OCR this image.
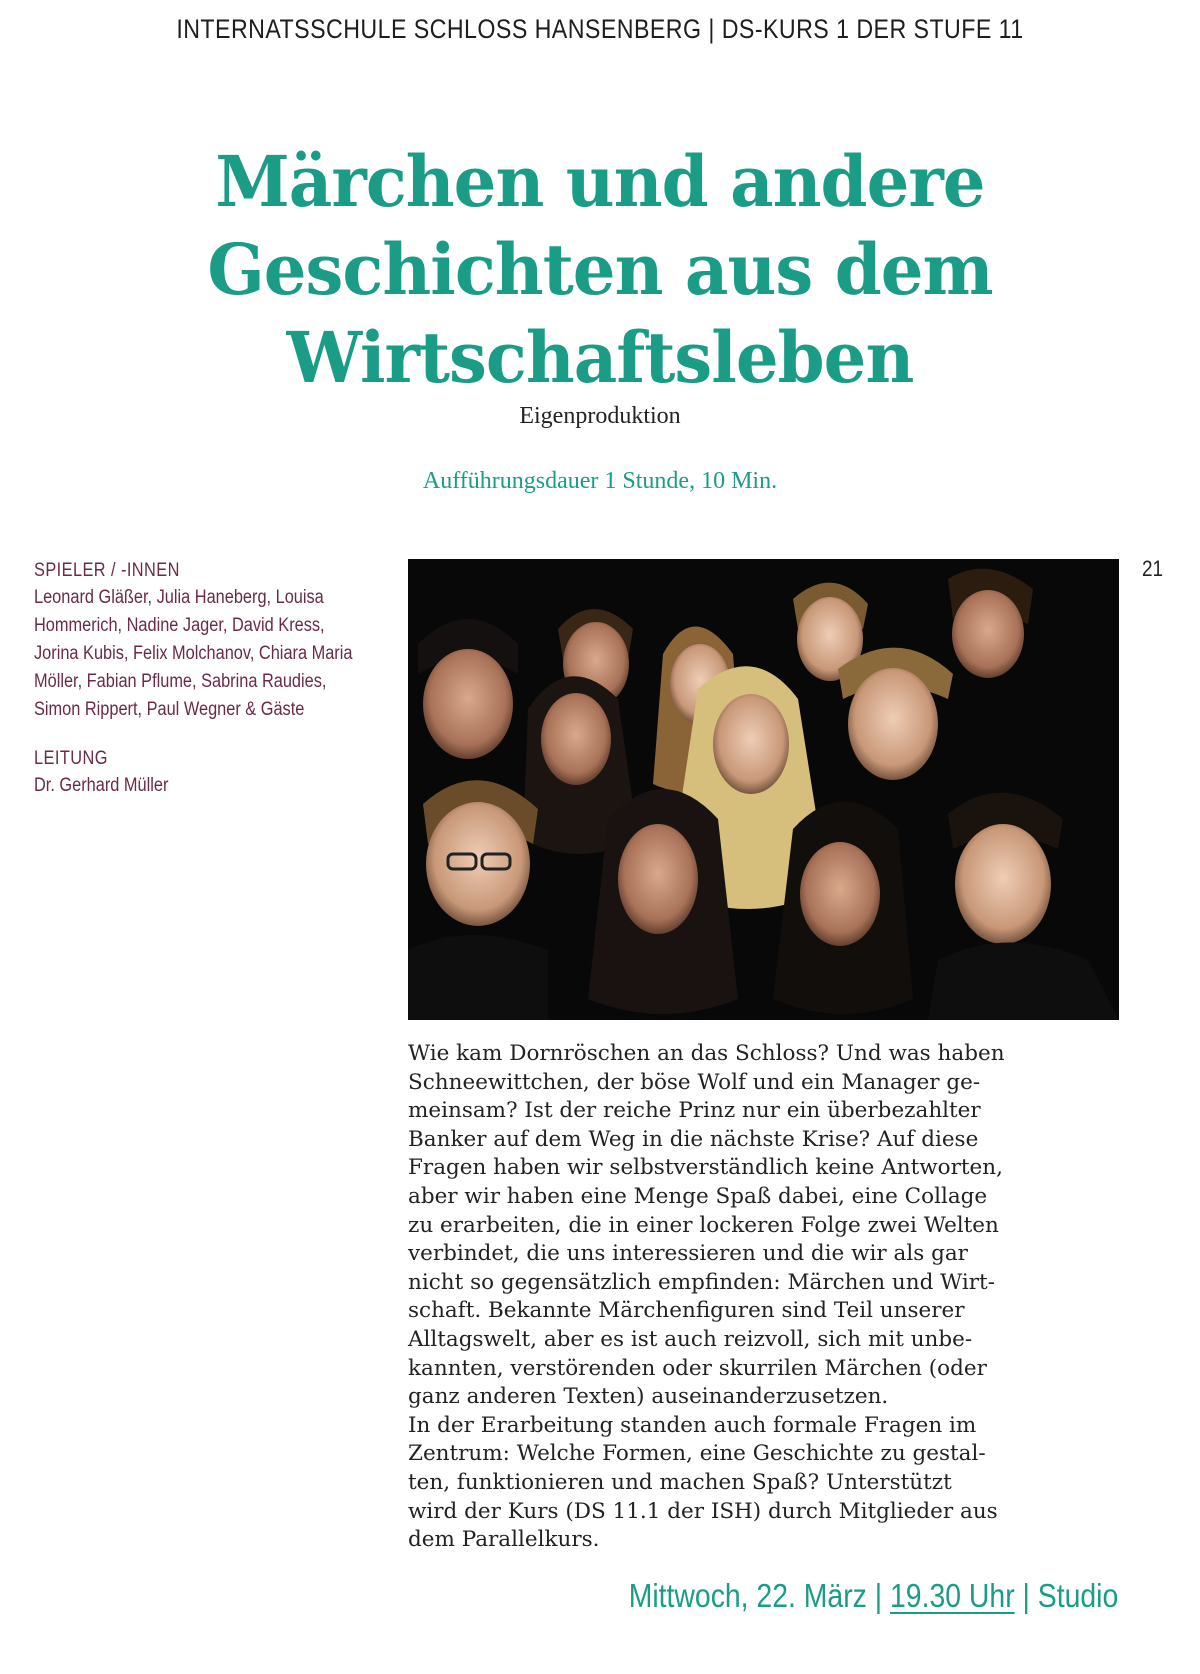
INTERNATSSCHULE SCHLOSS HANSENBERG | DS-KURS 1 DER STUFE 11
Märchen und andere
Geschichten aus dem
Wirtschaftsleben
Eigenproduktion
Aufführungsdauer 1 Stunde, 10 Min.
SPIELER / -INNEN
Leonard Gläßer, Julia Haneberg, Louisa
Hommerich, Nadine Jager, David Kress,
Jorina Kubis, Felix Molchanov, Chiara Maria
Möller, Fabian Pflume, Sabrina Raudies,
Simon Rippert, Paul Wegner & Gäste
LEITUNG
Dr. Gerhard Müller
21

Wie kam Dornröschen an das Schloss? Und was haben
Schneewittchen, der böse Wolf und ein Manager ge-
meinsam? Ist der reiche Prinz nur ein überbezahlter
Banker auf dem Weg in die nächste Krise? Auf diese
Fragen haben wir selbstverständlich keine Antworten,
aber wir haben eine Menge Spaß dabei, eine Collage
zu erarbeiten, die in einer lockeren Folge zwei Welten
verbindet, die uns interessieren und die wir als gar
nicht so gegensätzlich empfinden: Märchen und Wirt-
schaft. Bekannte Märchenfiguren sind Teil unserer
Alltagswelt, aber es ist auch reizvoll, sich mit unbe-
kannten, verstörenden oder skurrilen Märchen (oder
ganz anderen Texten) auseinanderzusetzen.

In der Erarbeitung standen auch formale Fragen im
Zentrum: Welche Formen, eine Geschichte zu gestal-
ten, funktionieren und machen Spaß? Unterstützt
wird der Kurs (DS 11.1 der ISH) durch Mitglieder aus
dem Parallelkurs.

Mittwoch, 22. März | 19.30 Uhr | Studio
